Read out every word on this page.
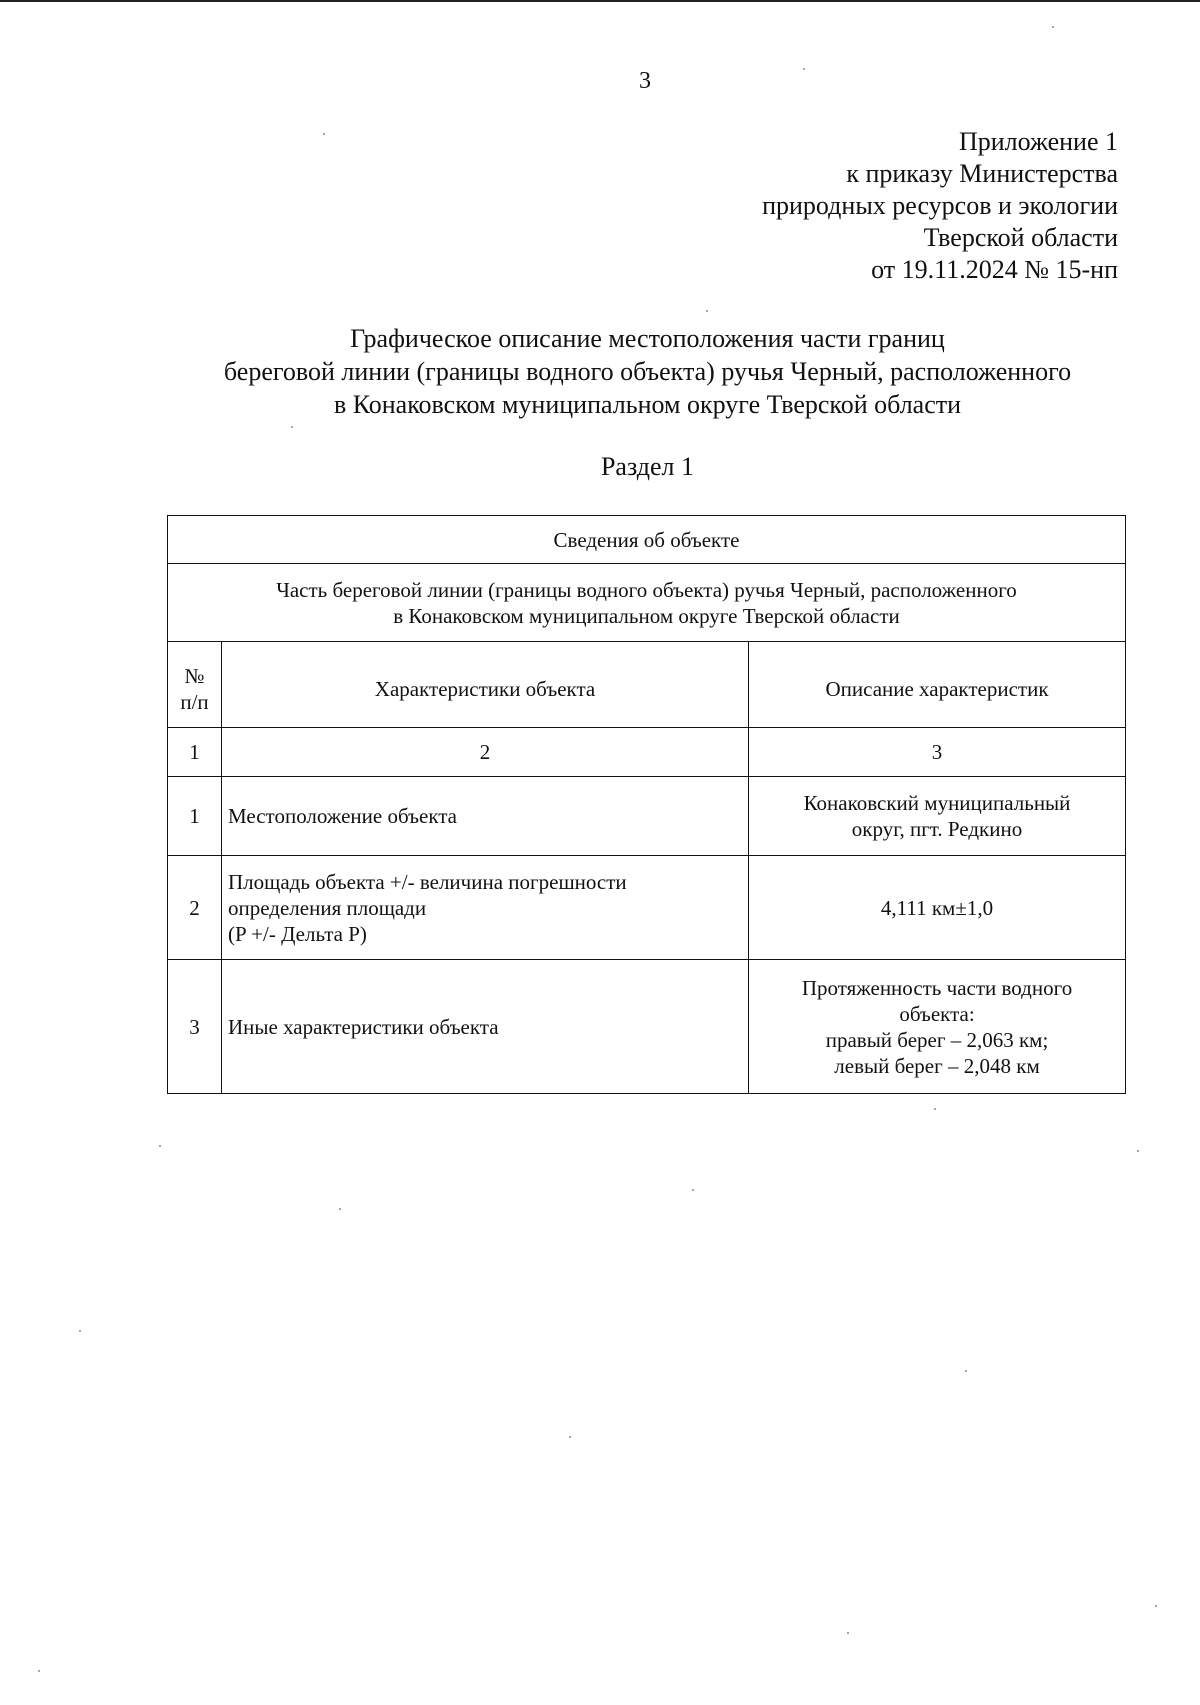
3
Приложение 1
к приказу Министерства
природных ресурсов и экологии
Тверской области
от 19.11.2024 № 15-нп
Графическое описание местоположения части границ
береговой линии (границы водного объекта) ручья Черный, расположенного
в Конаковском муниципальном округе Тверской области
Раздел 1
Сведения об объекте		

Часть береговой линии (границы водного объекта) ручья Черный, расположенного
в Конаковском муниципальном округе Тверской области		

№
п/п	Характеристики объекта	Описание характеристик
1	2	3
1	Местоположение объекта	Конаковский муниципальный
округ, пгт. Редкино

2	Площадь объекта +/- величина погрешности
определения площади
(P +/- Дельта P)	4,111 км±1,0

3	Иные характеристики объекта	Протяженность части водного
объекта:
правый берег – 2,063 км;
левый берег – 2,048 км
